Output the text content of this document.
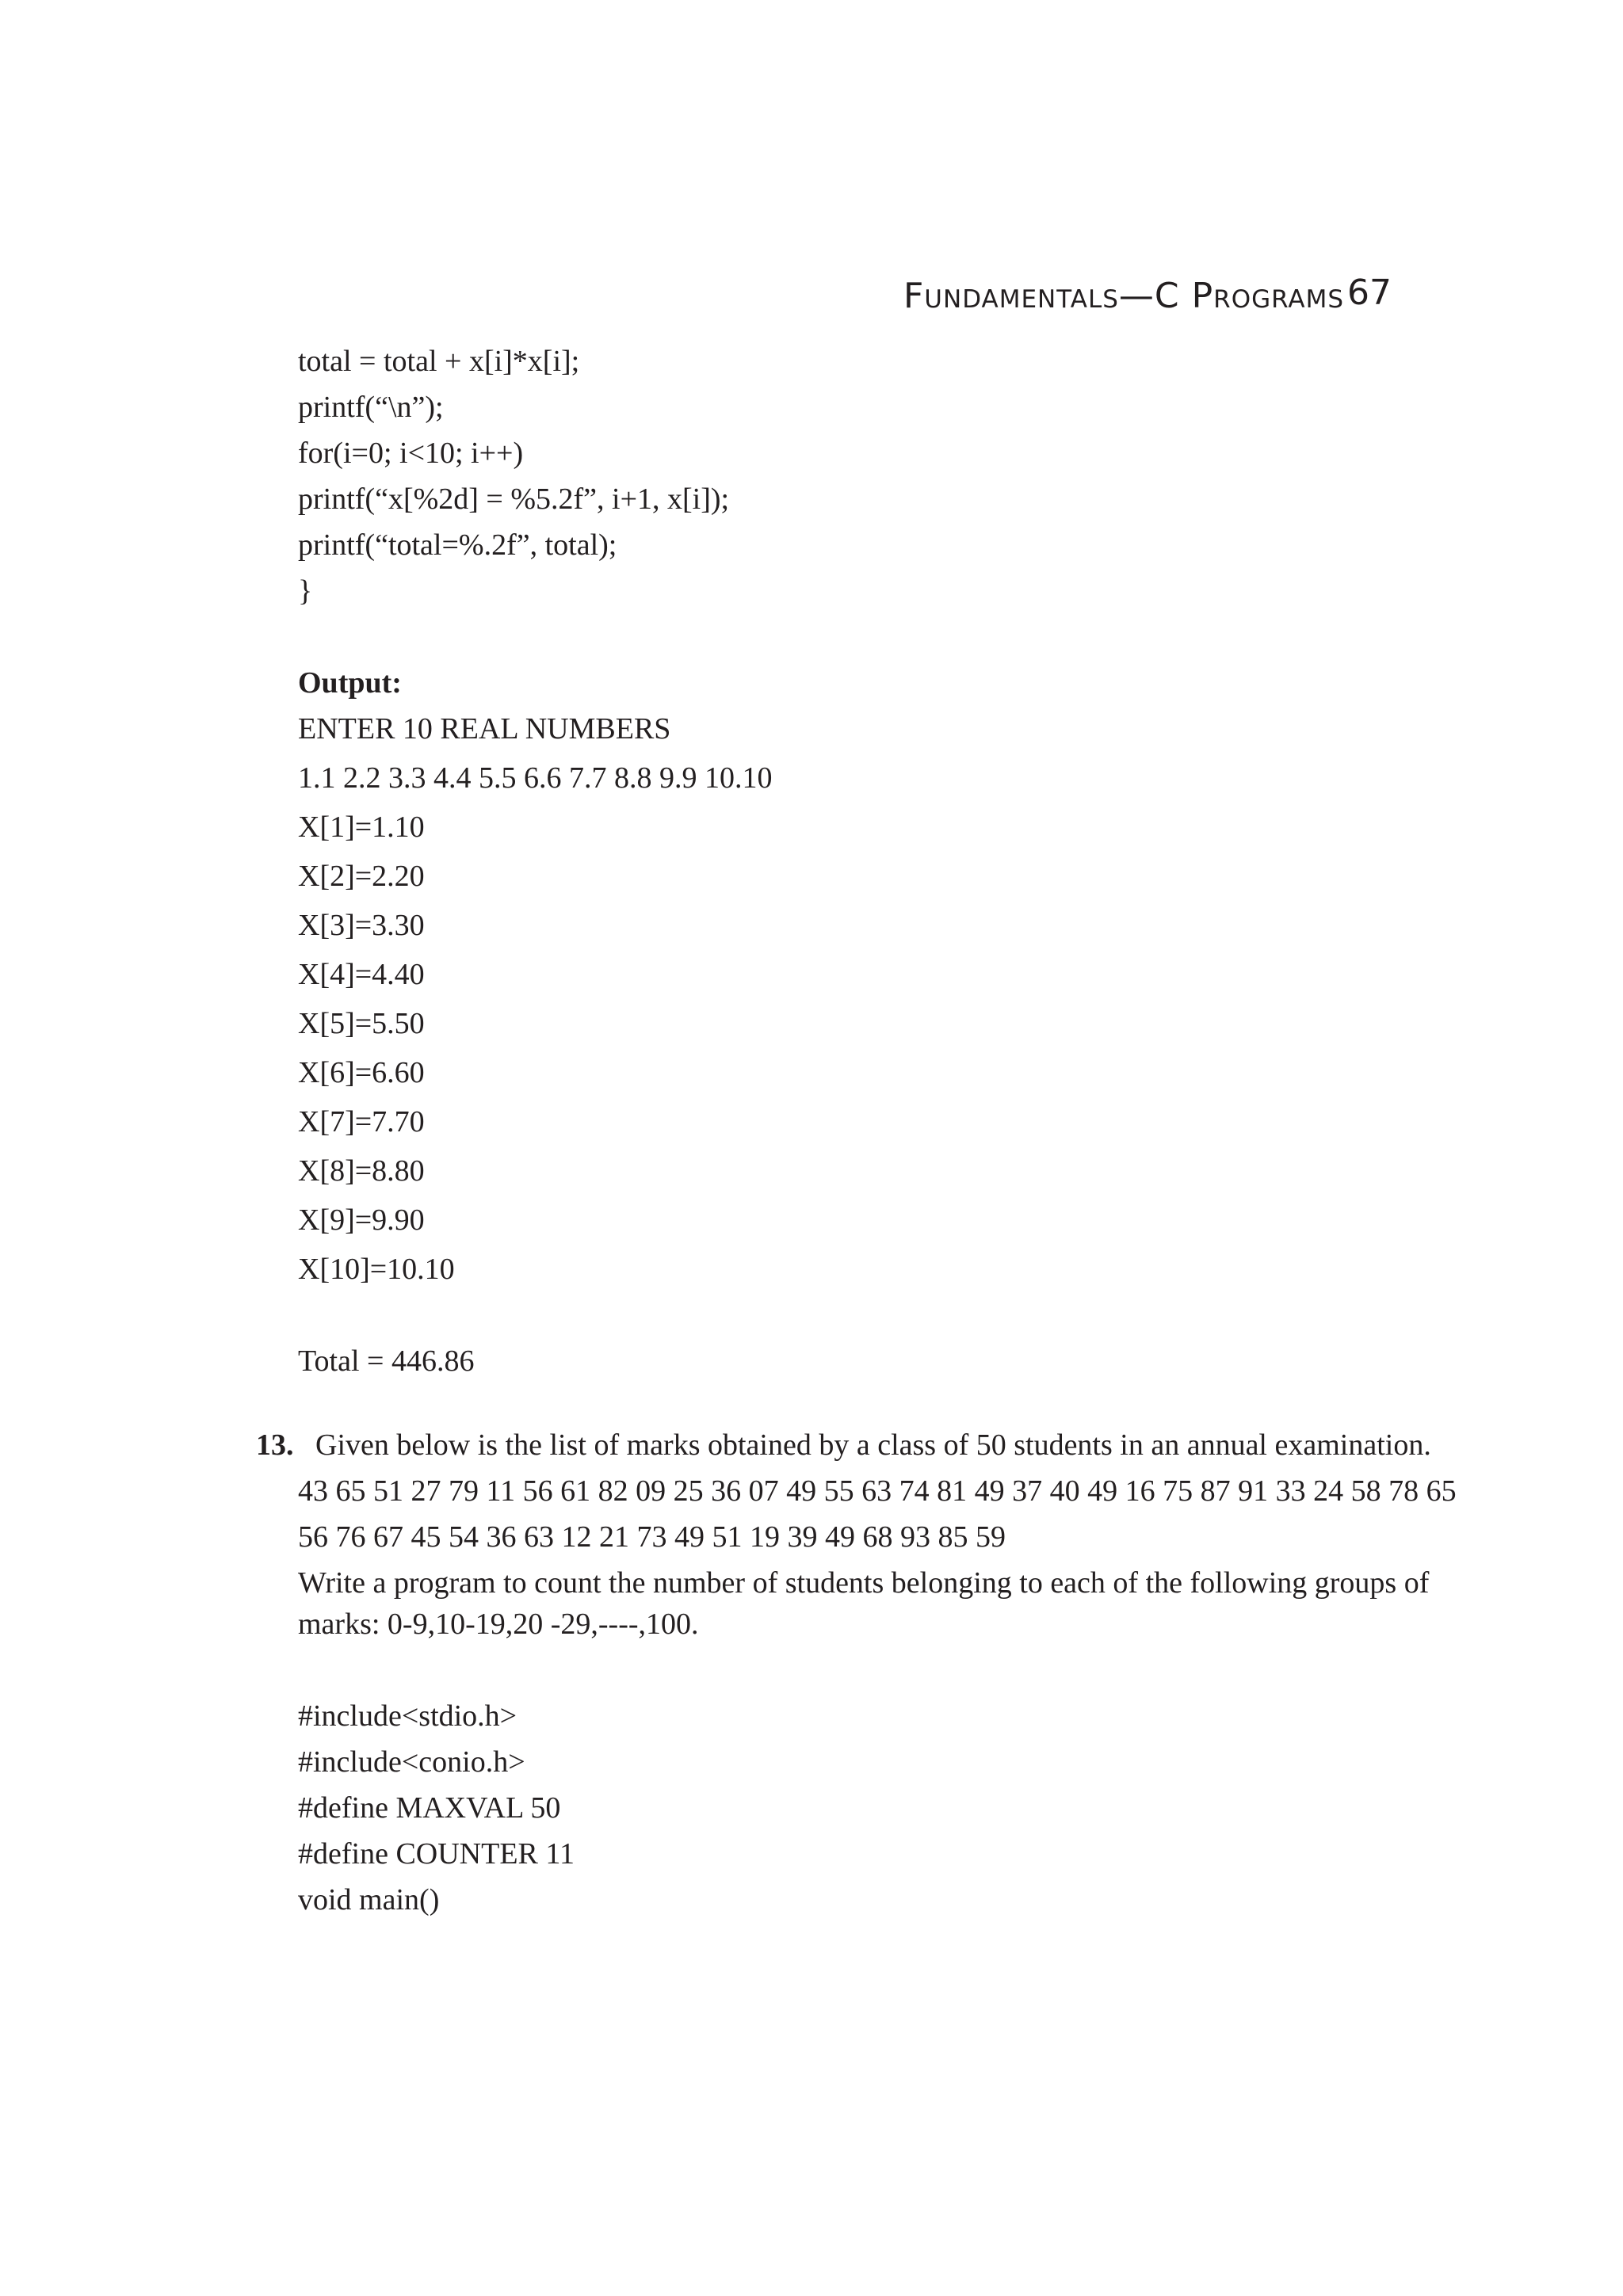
Fundamentals—C Programs 67
total = total + x[i]*x[i];
printf(“\n”);
for(i=0; i<10; i++)
printf(“x[%2d] = %5.2f”, i+1, x[i]);
printf(“total=%.2f”, total);
}
Output:
ENTER 10 REAL NUMBERS
1.1 2.2 3.3 4.4 5.5 6.6 7.7 8.8 9.9 10.10
X[1]=1.10
X[2]=2.20
X[3]=3.30
X[4]=4.40
X[5]=5.50
X[6]=6.60
X[7]=7.70
X[8]=8.80
X[9]=9.90
X[10]=10.10
Total = 446.86
13. Given below is the list of marks obtained by a class of 50 students in an annual examination.
43 65 51 27 79 11 56 61 82 09 25 36 07 49 55 63 74 81 49 37 40 49 16 75 87 91 33 24 58 78 65
56 76 67 45 54 36 63 12 21 73 49 51 19 39 49 68 93 85 59
Write a program to count the number of students belonging to each of the following groups of
marks: 0-9,10-19,20 -29,----,100.
#include<stdio.h>
#include<conio.h>
#define MAXVAL 50
#define COUNTER 11
void main()
